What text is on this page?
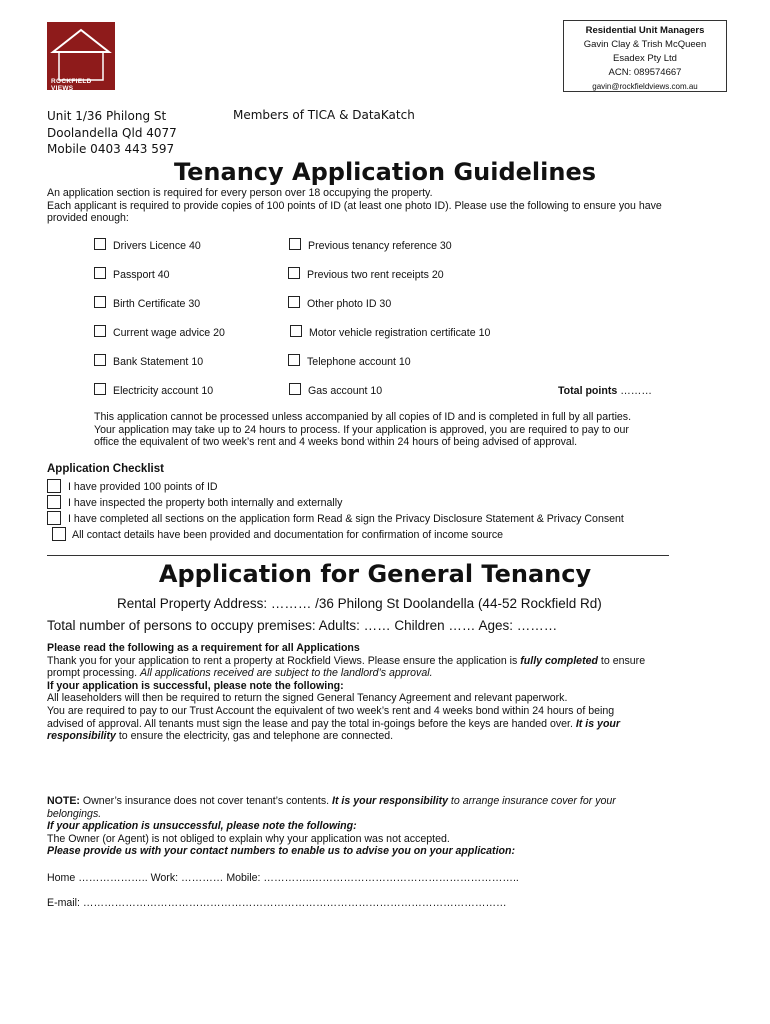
ROCKFIELD VIEWS
Residential Unit Managers
Gavin Clay & Trish McQueen
Esadex Pty Ltd
ACN: 089574667
gavin@rockfieldviews.com.au
Unit 1/36 Philong St
Doolandella Qld 4077
Mobile 0403 443 597
Members of TICA & DataKatch
Tenancy Application Guidelines
An application section is required for every person over 18 occupying the property.
Each applicant is required to provide copies of 100 points of ID (at least one photo ID). Please use the following to ensure you have
provided enough:
Drivers Licence 40
Passport 40
Birth Certificate 30
Current wage advice 20
Bank Statement 10
Electricity account 10
Previous tenancy reference 30
Previous two rent receipts 20
Other photo ID 30
Motor vehicle registration certificate 10
Telephone account 10
Gas account 10	Total points ………
This application cannot be processed unless accompanied by all copies of ID and is completed in full by all parties.
Your application may take up to 24 hours to process. If your application is approved, you are required to pay to our
office the equivalent of two week’s rent and 4 weeks bond within 24 hours of being advised of approval.
Application Checklist
I have provided 100 points of ID
I have inspected the property both internally and externally
I have completed all sections on the application form Read & sign the Privacy Disclosure Statement & Privacy Consent
All contact details have been provided and documentation for confirmation of income source
Application for General Tenancy
Rental Property Address: ……… /36 Philong St Doolandella (44-52 Rockfield Rd)
Total number of persons to occupy premises: Adults: …… Children …… Ages: ………
Please read the following as a requirement for all Applications
Thank you for your application to rent a property at Rockfield Views. Please ensure the application is fully completed to ensure
prompt processing. All applications received are subject to the landlord’s approval.
If your application is successful, please note the following:
All leaseholders will then be required to return the signed General Tenancy Agreement and relevant paperwork.
You are required to pay to our Trust Account the equivalent of two week’s rent and 4 weeks bond within 24 hours of being
advised of approval. All tenants must sign the lease and pay the total in-goings before the keys are handed over. It is your
responsibility to ensure the electricity, gas and telephone are connected.
NOTE: Owner’s insurance does not cover tenant’s contents. It is your responsibility to arrange insurance cover for your
belongings.
If your application is unsuccessful, please note the following:
The Owner (or Agent) is not obliged to explain why your application was not accepted.
Please provide us with your contact numbers to enable us to advise you on your application:
Home ……………….. Work: ………… Mobile: …………..…………………………………………………..
E-mail: …………………………………………………………………………………………………………
